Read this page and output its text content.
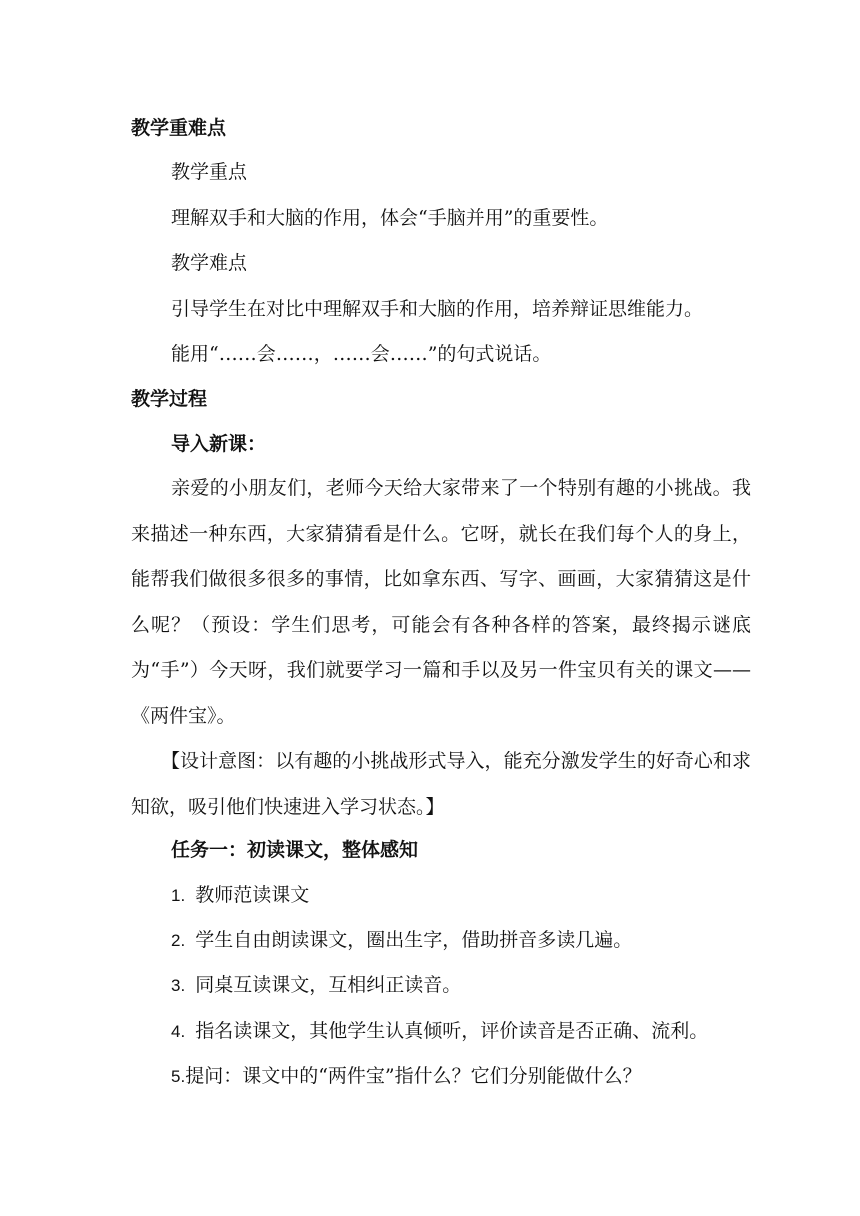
教学重难点
教学重点
理解双手和大脑的作用，体会“手脑并用”的重要性。
教学难点
引导学生在对比中理解双手和大脑的作用，培养辩证思维能力。
能用“……会……，……会……”的句式说话。
教学过程
导入新课：
亲爱的小朋友们，老师今天给大家带来了一个特别有趣的小挑战。我来描述一种东西，大家猜猜看是什么。它呀，就长在我们每个人的身上，能帮我们做很多很多的事情，比如拿东西、写字、画画，大家猜猜这是什么呢？（预设：学生们思考，可能会有各种各样的答案，最终揭示谜底为“手”）今天呀，我们就要学习一篇和手以及另一件宝贝有关的课文——《两件宝》。
【设计意图：以有趣的小挑战形式导入，能充分激发学生的好奇心和求知欲，吸引他们快速进入学习状态。】
任务一：初读课文，整体感知
1. 教师范读课文
2. 学生自由朗读课文，圈出生字，借助拼音多读几遍。
3. 同桌互读课文，互相纠正读音。
4. 指名读课文，其他学生认真倾听，评价读音是否正确、流利。
5.提问：课文中的“两件宝”指什么？它们分别能做什么？
